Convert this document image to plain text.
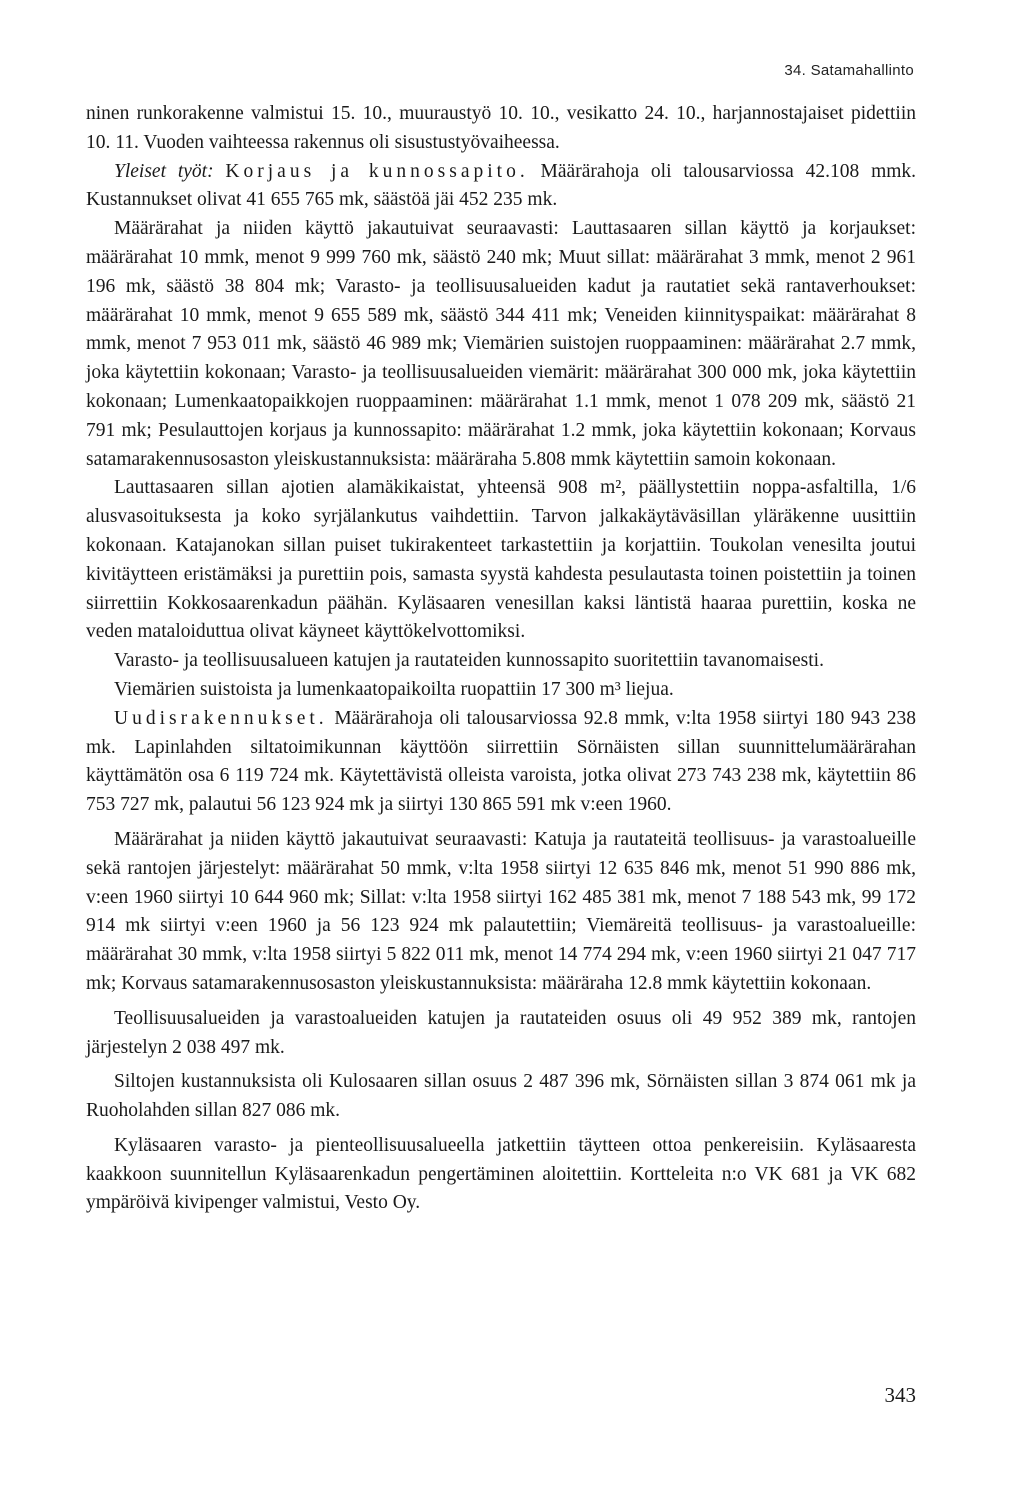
34. Satamahallinto

ninen runkorakenne valmistui 15. 10., muuraustyö 10. 10., vesikatto 24. 10., harjannostajaiset pidettiin 10. 11. Vuoden vaihteessa rakennus oli sisustustyövaiheessa.

Yleiset työt: Korjaus ja kunnossapito. Määrärahoja oli talousarviossa 42.108 mmk. Kustannukset olivat 41 655 765 mk, säästöä jäi 452 235 mk.

Määrärahat ja niiden käyttö jakautuivat seuraavasti: Lauttasaaren sillan käyttö ja korjaukset: määrärahat 10 mmk, menot 9 999 760 mk, säästö 240 mk; Muut sillat: määrärahat 3 mmk, menot 2 961 196 mk, säästö 38 804 mk; Varasto- ja teollisuusalueiden kadut ja rautatiet sekä rantaverhoukset: määrärahat 10 mmk, menot 9 655 589 mk, säästö 344 411 mk; Veneiden kiinnityspaikat: määrärahat 8 mmk, menot 7 953 011 mk, säästö 46 989 mk; Viemärien suistojen ruoppaaminen: määrärahat 2.7 mmk, joka käytettiin kokonaan; Varasto- ja teollisuusalueiden viemärit: määrärahat 300 000 mk, joka käytettiin kokonaan; Lumenkaatopaikkojen ruoppaaminen: määrärahat 1.1 mmk, menot 1 078 209 mk, säästö 21 791 mk; Pesulauttojen korjaus ja kunnossapito: määrärahat 1.2 mmk, joka käytettiin kokonaan; Korvaus satamarakennusosaston yleiskustannuksista: määräraha 5.808 mmk käytettiin samoin kokonaan.

Lauttasaaren sillan ajotien alamäkikaistat, yhteensä 908 m², päällystettiin noppa-asfaltilla, 1/6 alusvasoituksesta ja koko syrjälankutus vaihdettiin. Tarvon jalkakäytäväsillan yläräkenne uusittiin kokonaan. Katajanokan sillan puiset tukirakenteet tarkastettiin ja korjattiin. Toukolan venesilta joutui kivitäytteen eristämäksi ja purettiin pois, samasta syystä kahdesta pesulautasta toinen poistettiin ja toinen siirrettiin Kokkosaarenkadun päähän. Kyläsaaren venesillan kaksi läntistä haaraa purettiin, koska ne veden mataloiduttua olivat käyneet käyttökelvottomiksi.

Varasto- ja teollisuusalueen katujen ja rautateiden kunnossapito suoritettiin tavanomaisesti.

Viemärien suistoista ja lumenkaatopaikoilta ruopattiin 17 300 m³ liejua.

Uudisrakennukset. Määrärahoja oli talousarviossa 92.8 mmk, v:lta 1958 siirtyi 180 943 238 mk. Lapinlahden siltatoimikunnan käyttöön siirrettiin Sörnäisten sillan suunnittelumäärärahan käyttämätön osa 6 119 724 mk. Käytettävistä olleista varoista, jotka olivat 273 743 238 mk, käytettiin 86 753 727 mk, palautui 56 123 924 mk ja siirtyi 130 865 591 mk v:een 1960.

Määrärahat ja niiden käyttö jakautuivat seuraavasti: Katuja ja rautateitä teollisuus- ja varastoalueille sekä rantojen järjestelyt: määrärahat 50 mmk, v:lta 1958 siirtyi 12 635 846 mk, menot 51 990 886 mk, v:een 1960 siirtyi 10 644 960 mk; Sillat: v:lta 1958 siirtyi 162 485 381 mk, menot 7 188 543 mk, 99 172 914 mk siirtyi v:een 1960 ja 56 123 924 mk palautettiin; Viemäreitä teollisuus- ja varastoalueille: määrärahat 30 mmk, v:lta 1958 siirtyi 5 822 011 mk, menot 14 774 294 mk, v:een 1960 siirtyi 21 047 717 mk; Korvaus satamarakennusosaston yleiskustannuksista: määräraha 12.8 mmk käytettiin kokonaan.

Teollisuusalueiden ja varastoalueiden katujen ja rautateiden osuus oli 49 952 389 mk, rantojen järjestelyn 2 038 497 mk.

Siltojen kustannuksista oli Kulosaaren sillan osuus 2 487 396 mk, Sörnäisten sillan 3 874 061 mk ja Ruoholahden sillan 827 086 mk.

Kyläsaaren varasto- ja pienteollisuusalueella jatkettiin täytteen ottoa penkereisiin. Kyläsaaresta kaakkoon suunnitellun Kyläsaarenkadun pengertäminen aloitettiin. Kortteleita n:o VK 681 ja VK 682 ympäröivä kivipenger valmistui, Vesto Oy.

343
